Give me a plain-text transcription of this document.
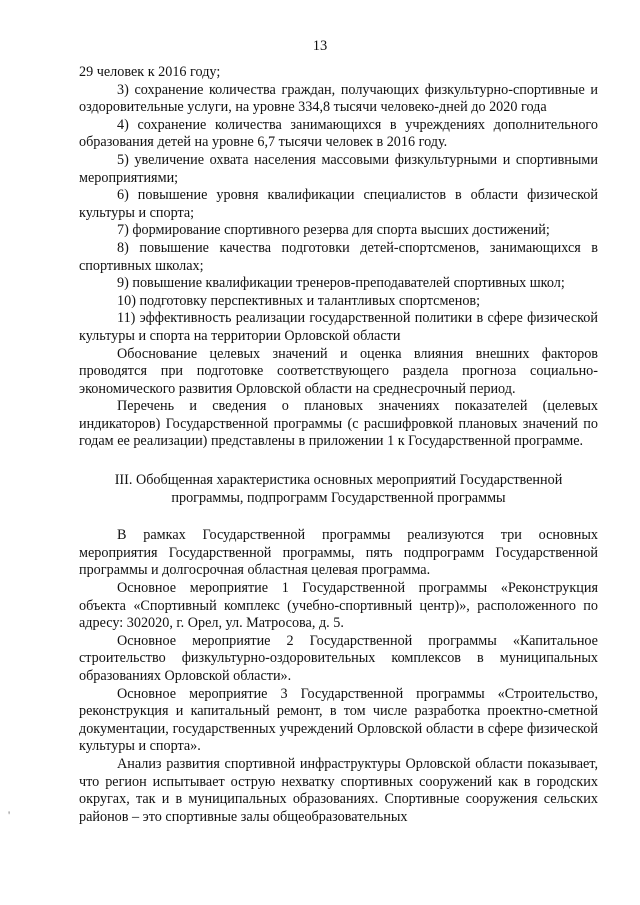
13

29 человек к 2016 году;

3) сохранение количества граждан, получающих физкультурно-спортивные и оздоровительные услуги, на уровне 334,8 тысячи человеко-дней до 2020 года

4) сохранение количества занимающихся в учреждениях дополнительного образования детей на уровне 6,7 тысячи человек в 2016 году.

5) увеличение охвата населения массовыми физкультурными и спортивными мероприятиями;

6) повышение уровня квалификации специалистов в области физической культуры и спорта;

7) формирование спортивного резерва для спорта высших достижений;

8) повышение качества подготовки детей-спортсменов, занимающихся в спортивных школах;

9) повышение квалификации тренеров-преподавателей спортивных школ;

10) подготовку перспективных и талантливых спортсменов;

11) эффективность реализации государственной политики в сфере физической культуры и спорта на территории Орловской области

Обоснование целевых значений и оценка влияния внешних факторов проводятся при подготовке соответствующего раздела прогноза социально-экономического развития Орловской области на среднесрочный период.

Перечень и сведения о плановых значениях показателей (целевых индикаторов) Государственной программы (с расшифровкой плановых значений по годам ее реализации) представлены в приложении 1 к Государственной программе.

III. Обобщенная характеристика основных мероприятий Государственной
программы, подпрограмм Государственной программы

В рамках Государственной программы реализуются три основных мероприятия Государственной программы, пять подпрограмм Государственной программы и долгосрочная областная целевая программа.

Основное мероприятие 1 Государственной программы «Реконструкция объекта «Спортивный комплекс (учебно-спортивный центр)», расположенного по адресу: 302020, г. Орел, ул. Матросова, д. 5.

Основное мероприятие 2 Государственной программы «Капитальное строительство физкультурно-оздоровительных комплексов в муниципальных образованиях Орловской области».

Основное мероприятие 3 Государственной программы «Строительство, реконструкция и капитальный ремонт, в том числе разработка проектно-сметной документации, государственных учреждений Орловской области в сфере физической культуры и спорта».

Анализ развития спортивной инфраструктуры Орловской области показывает, что регион испытывает острую нехватку спортивных сооружений как в городских округах, так и в муниципальных образованиях. Спортивные сооружения сельских районов – это спортивные залы общеобразовательных

'
